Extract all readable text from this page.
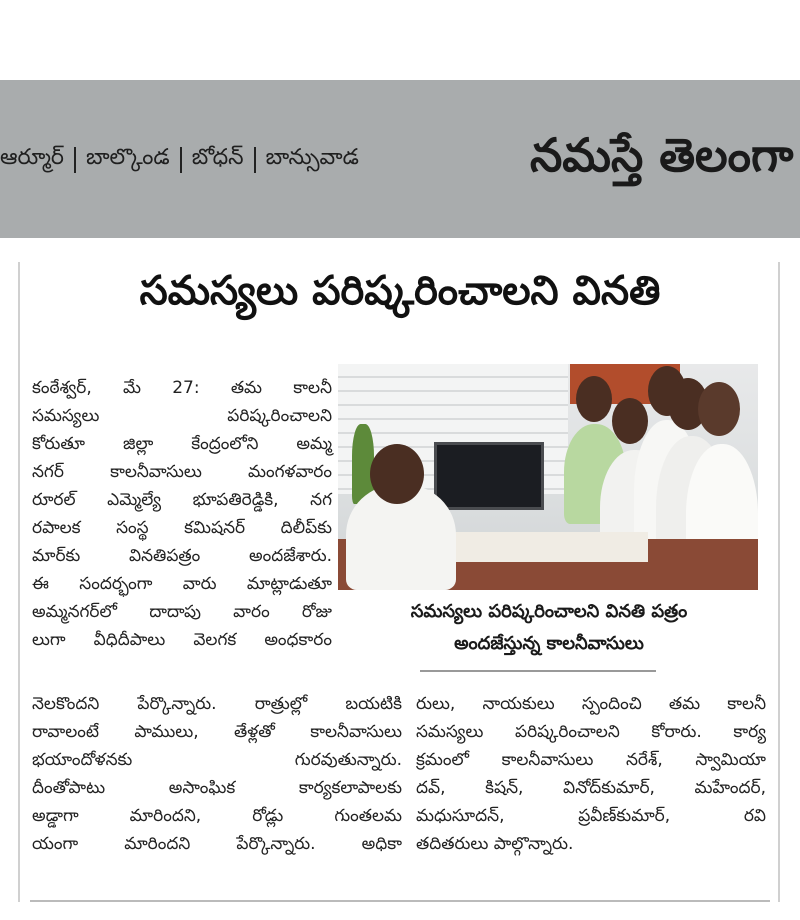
ఆర్మూర్ బాల్కొండ బోధన్ బాన్సువాడ	నమస్తే తెలంగా
సమస్యలు పరిష్కరించాలని వినతి

కంఠేశ్వర్, మే 27: తమ కాలనీ

సమస్యలు పరిష్కరించాలని

కోరుతూ జిల్లా కేంద్రంలోని అమ్మ

నగర్ కాలనీవాసులు మంగళవారం

రూరల్ ఎమ్మెల్యే భూపతిరెడ్డికి, నగ

రపాలక సంస్థ కమిషనర్ దిలీప్‌కు

మార్‌కు వినతిపత్రం అందజేశారు.

ఈ సందర్భంగా వారు మాట్లాడుతూ

అమ్మనగర్‌లో దాదాపు వారం రోజు

లుగా వీధిదీపాలు వెలగక అంధకారం

సమస్యలు పరిష్కరించాలని వినతి పత్రం
అందజేస్తున్న కాలనీవాసులు

నెలకొందని పేర్కొన్నారు. రాత్రుల్లో బయటికి

రావాలంటే పాములు, తేళ్లతో కాలనీవాసులు

భయాందోళనకు గురవుతున్నారు.

దీంతోపాటు అసాంఘిక కార్యకలాపాలకు

అడ్డాగా మారిందని, రోడ్లు గుంతలమ

యంగా మారిందని పేర్కొన్నారు. అధికా

రులు, నాయకులు స్పందించి తమ కాలనీ

సమస్యలు పరిష్కరించాలని కోరారు. కార్య

క్రమంలో కాలనీవాసులు నరేశ్, స్వామియా

దవ్, కిషన్, వినోద్‌కుమార్, మహేందర్,

మధుసూదన్, ప్రవీణ్‌కుమార్, రవి

తదితరులు పాల్గొన్నారు.
